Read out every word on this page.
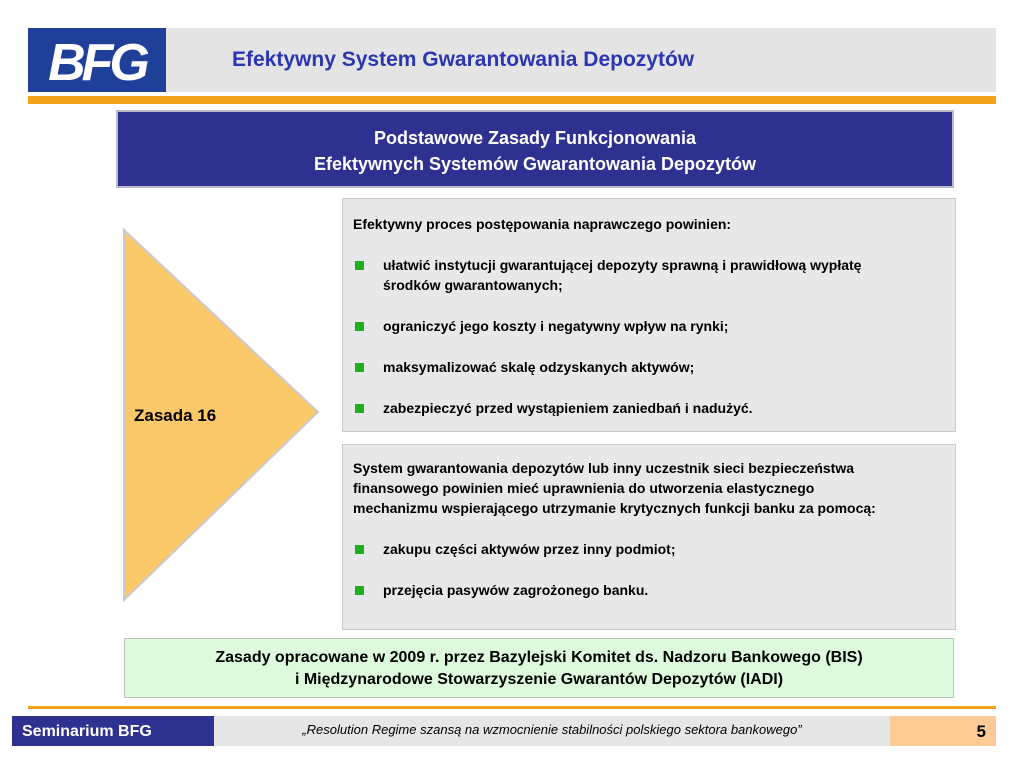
BFG	Efektywny System Gwarantowania Depozytów
Podstawowe Zasady Funkcjonowania
Efektywnych Systemów Gwarantowania Depozytów
Zasada 16

Efektywny proces postępowania naprawczego powinien:

ułatwić instytucji gwarantującej depozyty sprawną i prawidłową wypłatę środków gwarantowanych;
ograniczyć jego koszty i negatywny wpływ na rynki;
maksymalizować skalę odzyskanych aktywów;
zabezpieczyć przed wystąpieniem zaniedbań i nadużyć.

System gwarantowania depozytów lub inny uczestnik sieci bezpieczeństwa finansowego powinien mieć uprawnienia do utworzenia elastycznego mechanizmu wspierającego utrzymanie krytycznych funkcji banku za pomocą:

zakupu części aktywów przez inny podmiot;
przejęcia pasywów zagrożonego banku.
Zasady opracowane w 2009 r. przez Bazylejski Komitet ds. Nadzoru Bankowego (BIS)
i Międzynarodowe Stowarzyszenie Gwarantów Depozytów (IADI)
Seminarium BFG	„Resolution Regime szansą na wzmocnienie stabilności polskiego sektora bankowego”	5
